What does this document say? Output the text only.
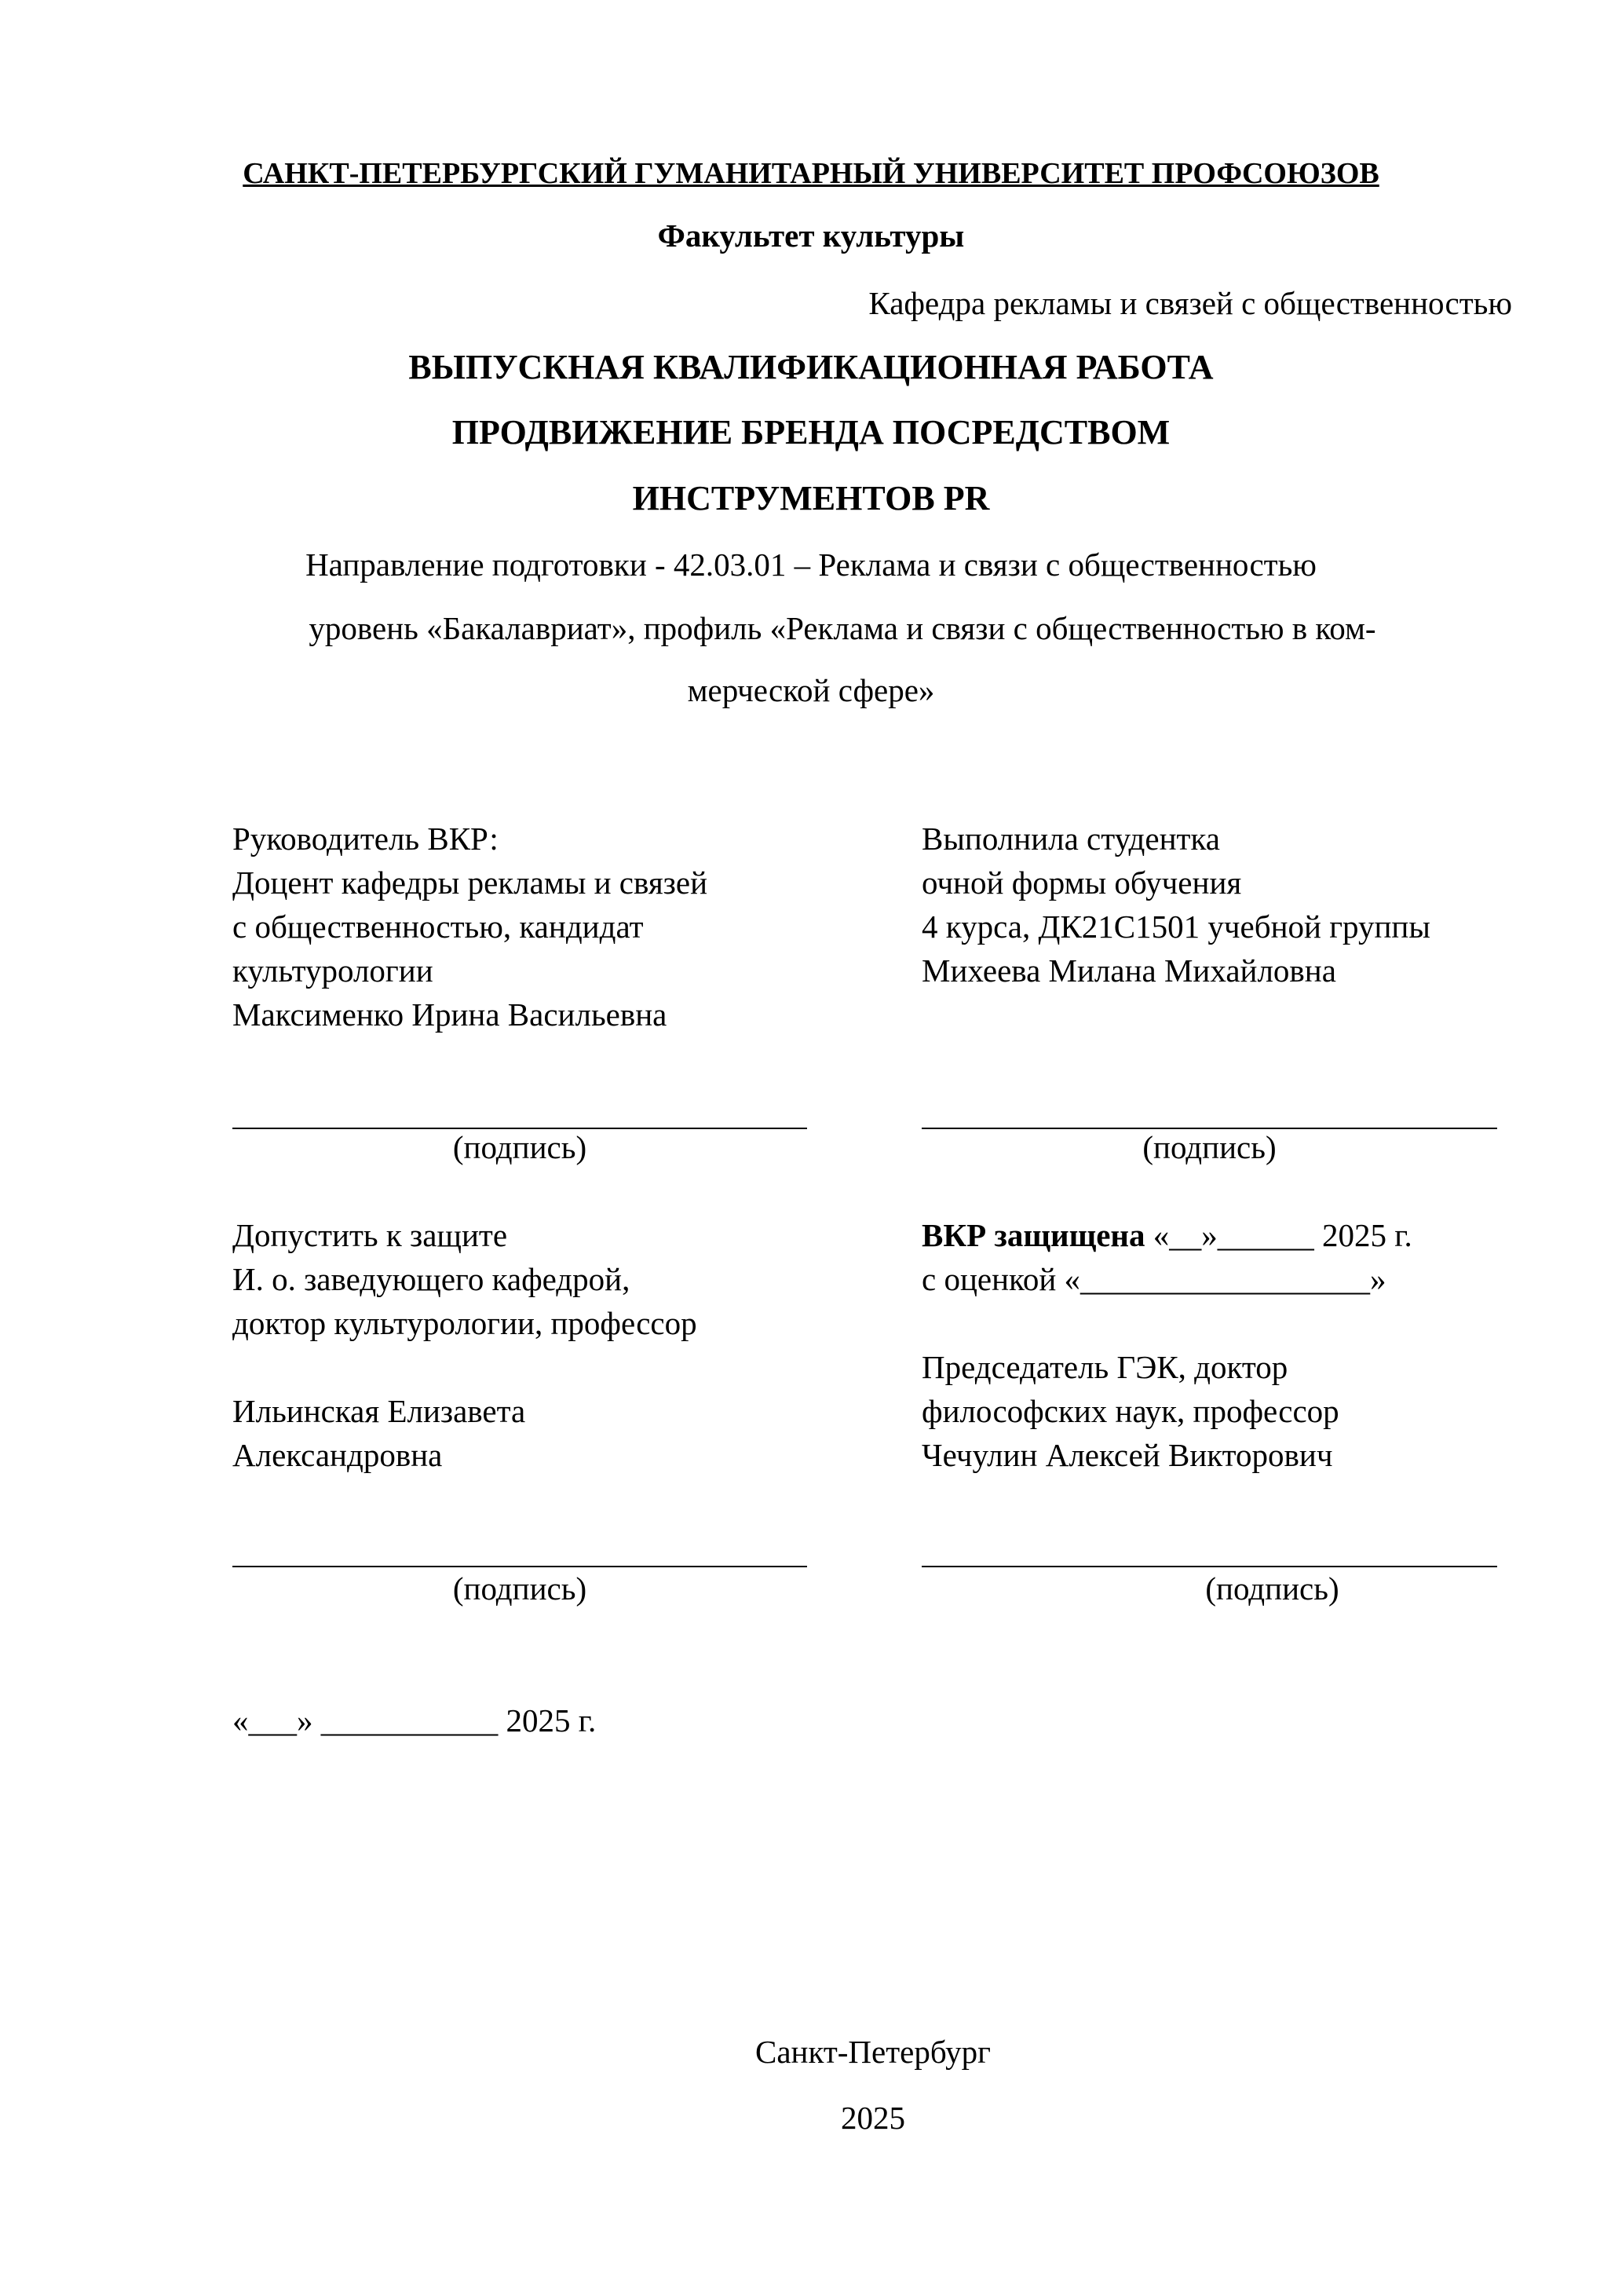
САНКТ-ПЕТЕРБУРГСКИЙ ГУМАНИТАРНЫЙ УНИВЕРСИТЕТ ПРОФСОЮЗОВ
Факультет культуры
Кафедра рекламы и связей с общественностью
ВЫПУСКНАЯ КВАЛИФИКАЦИОННАЯ РАБОТА
ПРОДВИЖЕНИЕ БРЕНДА ПОСРЕДСТВОМ
ИНСТРУМЕНТОВ PR
Направление подготовки - 42.03.01 – Реклама и связи с общественностью
уровень «Бакалавриат», профиль «Реклама и связи с общественностью в ком-
мерческой сфере»
Руководитель ВКР:
Доцент кафедры рекламы и связей
с общественностью, кандидат
культурологии
Максименко Ирина Васильевна
Выполнила студентка
очной формы обучения
4 курса, ДК21С1501 учебной группы
Михеева Милана Михайловна
(подпись)	(подпись)
Допустить к защите
И. о. заведующего кафедрой,
доктор культурологии, профессор
Ильинская Елизавета
Александровна
ВКР защищена «__»______ 2025 г.
с оценкой «__________________»
Председатель ГЭК, доктор
философских наук, профессор
Чечулин Алексей Викторович
(подпись)	(подпись)
«___» ___________ 2025 г.
Санкт-Петербург
2025
